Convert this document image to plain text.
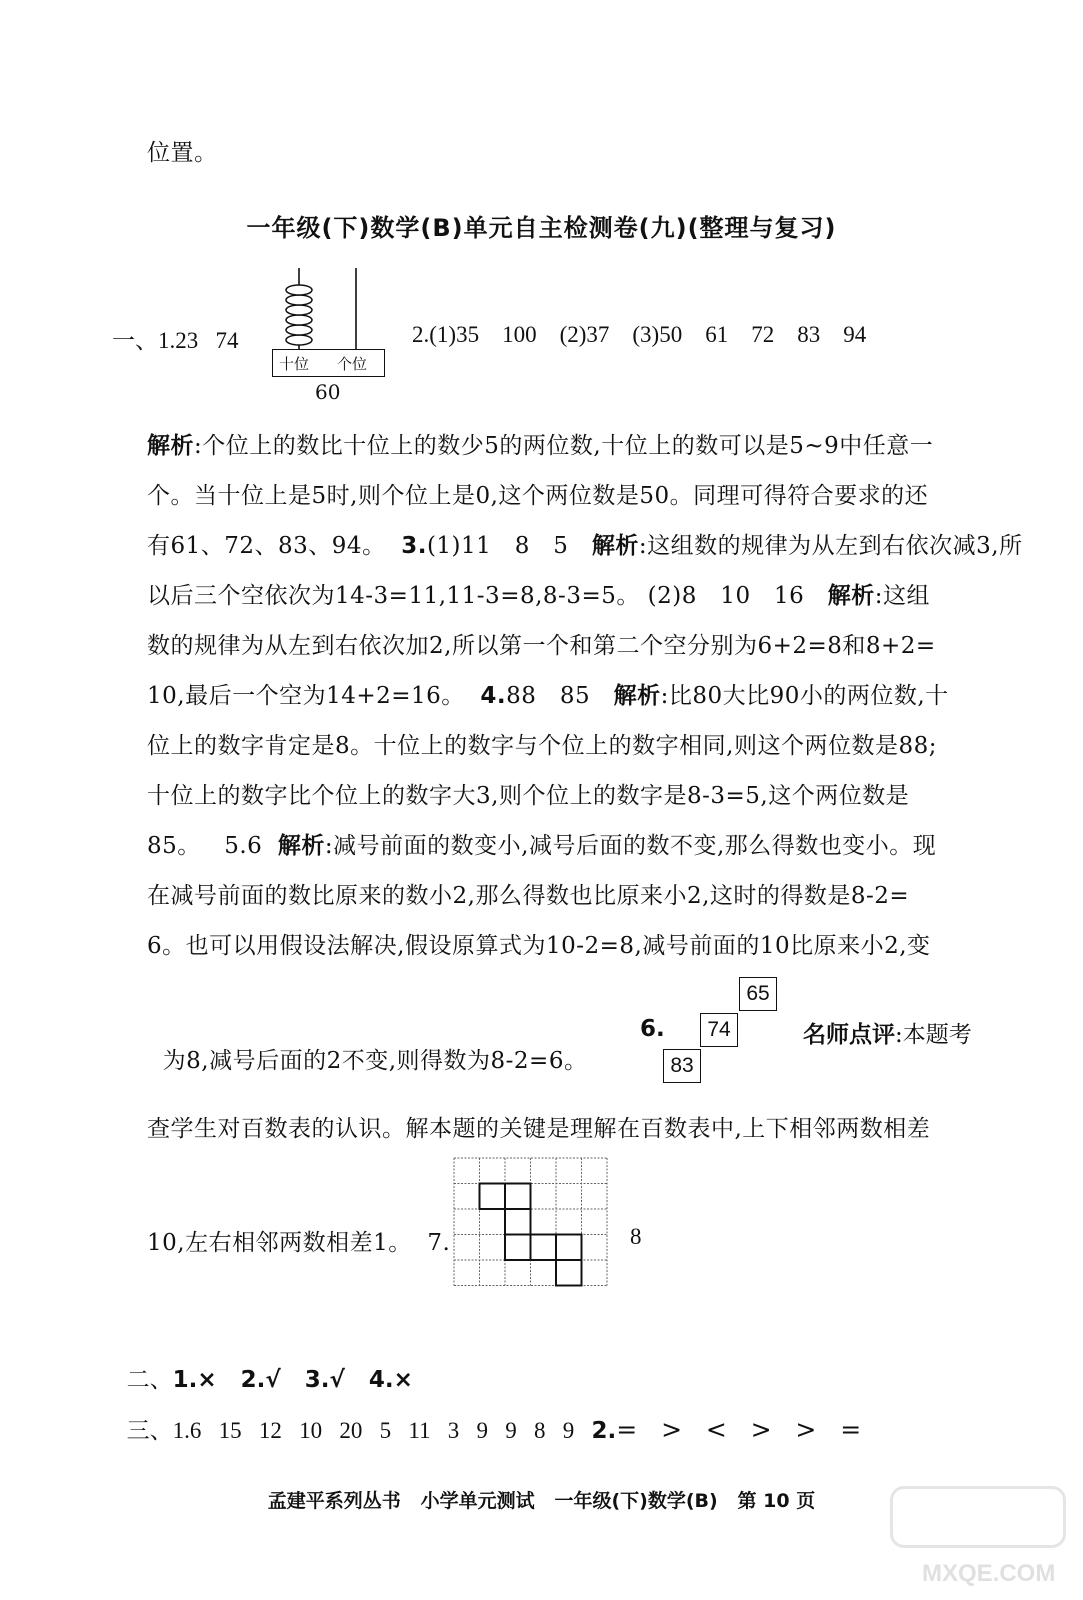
位置。
一年级(下)数学(B)单元自主检测卷(九)(整理与复习)
一、1.23   74
十位 个位
60
2.(1)35    100    (2)37    (3)50    61    72    83    94
解析:个位上的数比十位上的数少5的两位数,十位上的数可以是5~9中任意一
个。当十位上是5时,则个位上是0,这个两位数是50。同理可得符合要求的还
有61、72、83、94。  3.(1)11   8   5   解析:这组数的规律为从左到右依次减3,所
以后三个空依次为14-3=11,11-3=8,8-3=5。 (2)8   10   16   解析:这组
数的规律为从左到右依次加2,所以第一个和第二个空分别为6+2=8和8+2=
10,最后一个空为14+2=16。  4.88   85   解析:比80大比90小的两位数,十
位上的数字肯定是8。十位上的数字与个位上的数字相同,则这个两位数是88;
十位上的数字比个位上的数字大3,则个位上的数字是8-3=5,这个两位数是
85。   5.6  解析:减号前面的数变小,减号后面的数不变,那么得数也变小。现
在减号前面的数比原来的数小2,那么得数也比原来小2,这时的得数是8-2=
6。也可以用假设法解决,假设原算式为10-2=8,减号前面的10比原来小2,变

为8,减号后面的2不变,则得数为8-2=6。

6.
65
74
83
名师点评:本题考
查学生对百数表的认识。解本题的关键是理解在百数表中,上下相邻两数相差
10,左右相邻两数相差1。  7.	8

二、1.×   2.√   3.√   4.×

三、1.6   15   12   10   20   5   11   3   9   9   8   9   2.=   >   <   >   >   =

孟建平系列丛书   小学单元测试   一年级(下)数学(B)   第 10 页
MXQE.COM
